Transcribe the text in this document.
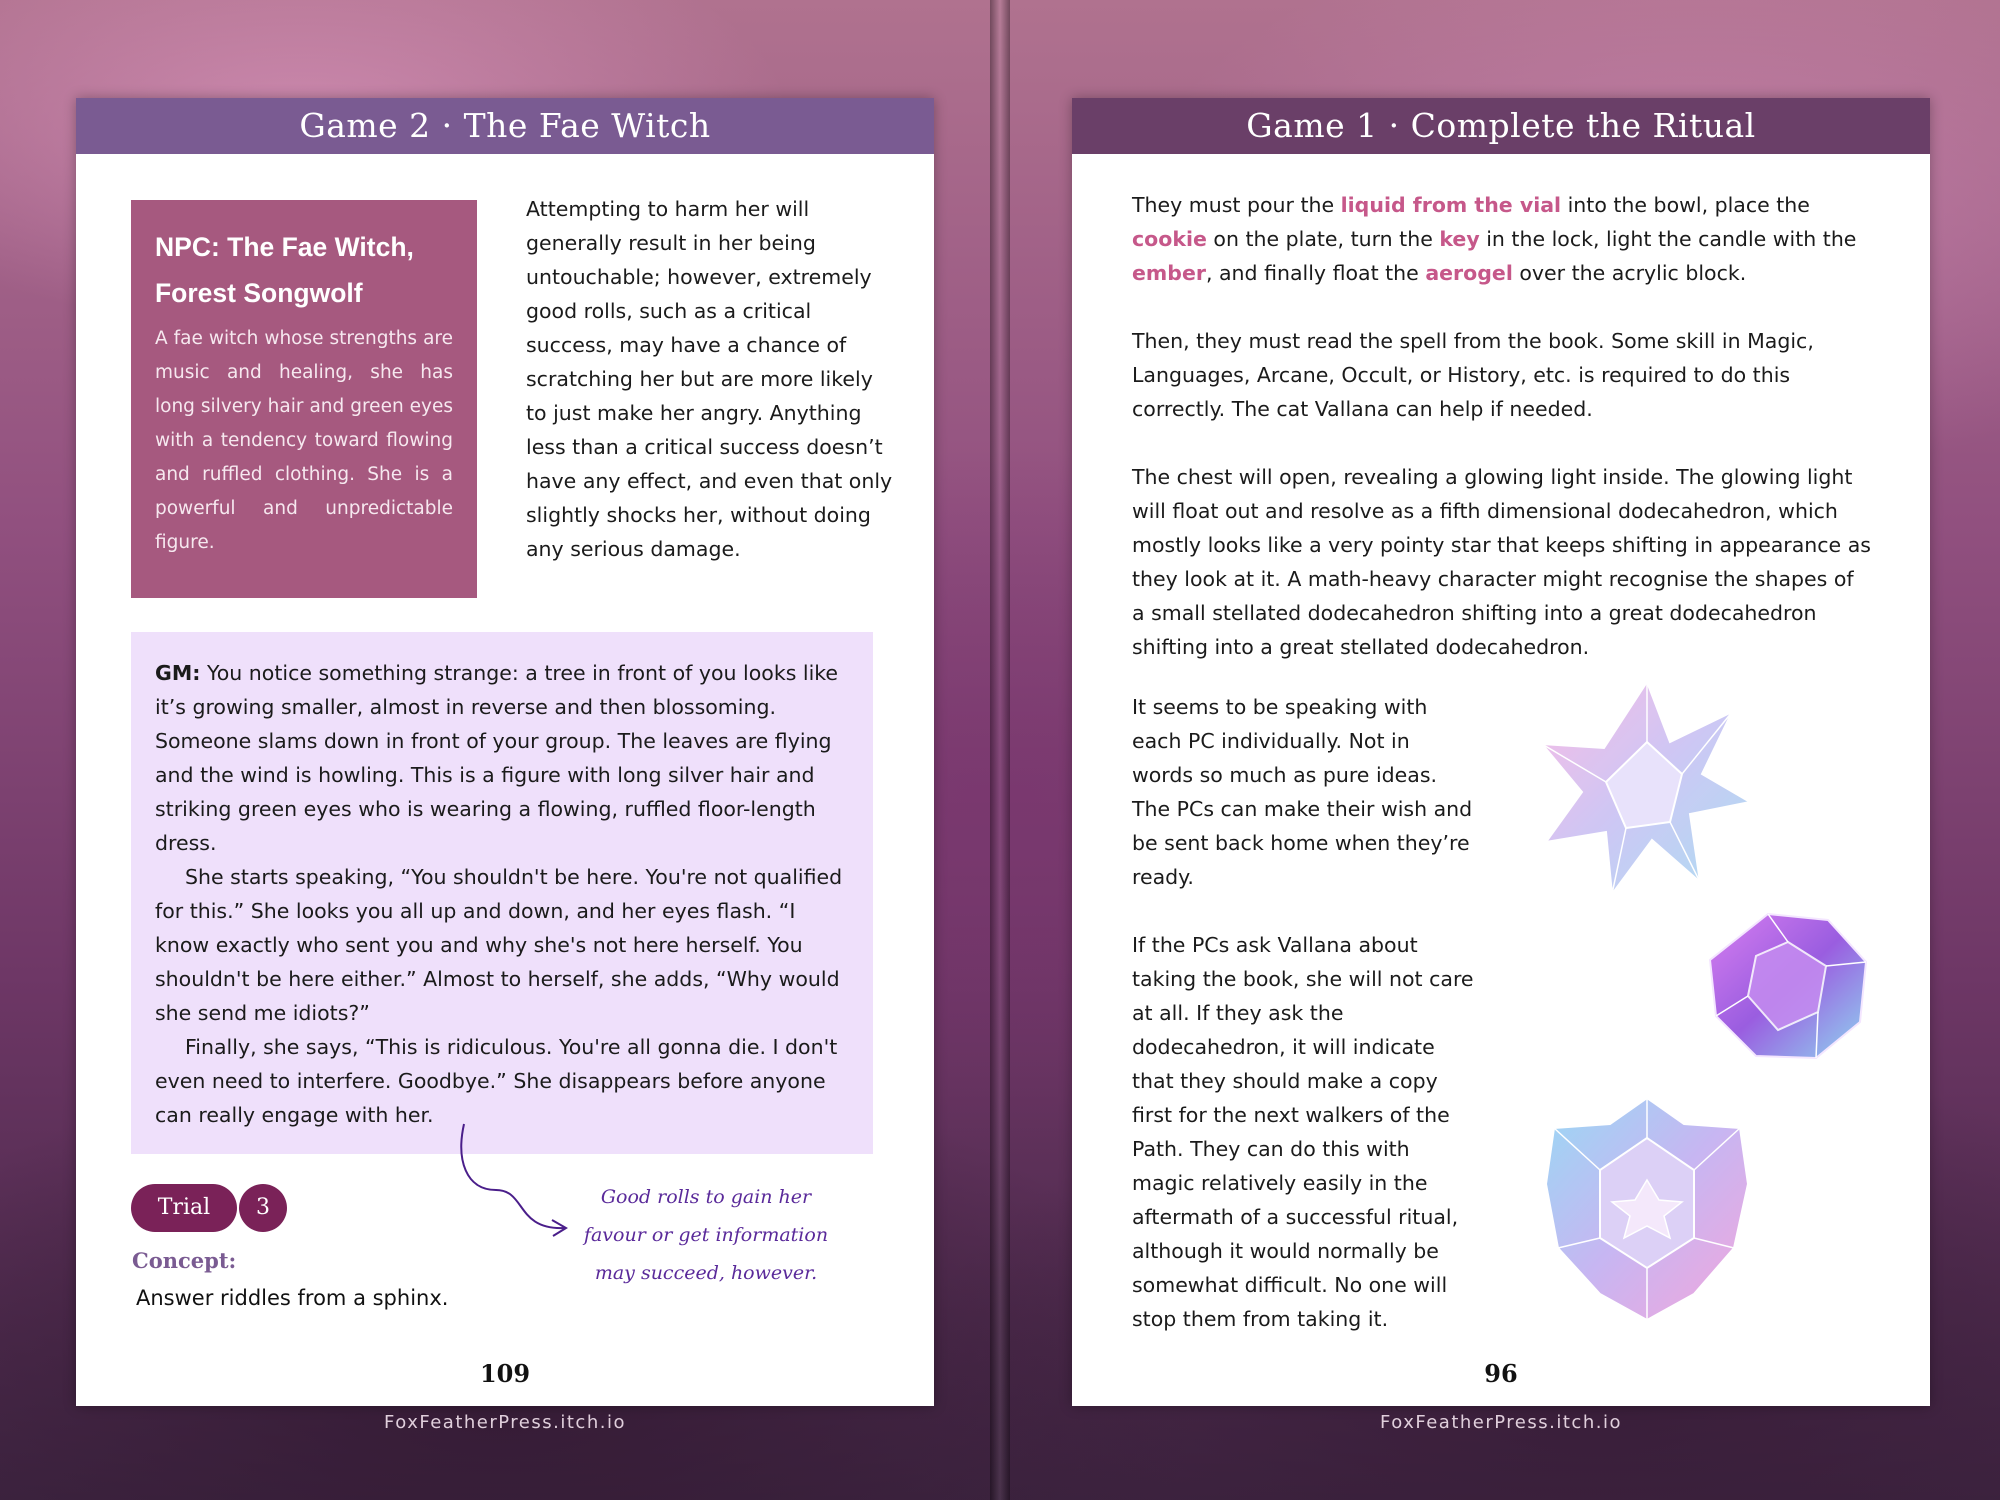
Game 2 · The Fae Witch
NPC: The Fae Witch,
Forest Songwolf
A fae witch whose strengths are music and healing, she has long silvery hair and green eyes with a tendency toward flowing and ruffled clothing. She is a powerful and unpredictable figure.
Attempting to harm her will generally result in her being untouchable; however, extremely good rolls, such as a critical success, may have a chance of scratching her but are more likely to just make her angry. Anything less than a critical success doesn’t have any effect, and even that only slightly shocks her, without doing any serious damage.

GM: You notice something strange: a tree in front of you looks like it’s growing smaller, almost in reverse and then blossoming. Someone slams down in front of your group. The leaves are flying and the wind is howling. This is a figure with long silver hair and striking green eyes who is wearing a flowing, ruffled floor-length dress.

She starts speaking, “You shouldn't be here. You're not qualified for this.” She looks you all up and down, and her eyes flash. “I know exactly who sent you and why she's not here herself. You shouldn't be here either.” Almost to herself, she adds, “Why would she send me idiots?”

Finally, she says, “This is ridiculous. You're all gonna die. I don't even need to interfere. Goodbye.” She disappears before anyone can really engage with her.

Trial	3
Concept:
Answer riddles from a sphinx.
Good rolls to gain her
favour or get information
may succeed, however.
109
FoxFeatherPress.itch.io
Game 1 · Complete the Ritual

They must pour the liquid from the vial into the bowl, place the cookie on the plate, turn the key in the lock, light the candle with the ember, and finally float the aerogel over the acrylic block.

Then, they must read the spell from the book. Some skill in Magic, Languages, Arcane, Occult, or History, etc. is required to do this correctly. The cat Vallana can help if needed.

The chest will open, revealing a glowing light inside. The glowing light will float out and resolve as a fifth dimensional dodecahedron, which mostly looks like a very pointy star that keeps shifting in appearance as they look at it. A math-heavy character might recognise the shapes of a small stellated dodecahedron shifting into a great dodecahedron shifting into a great stellated dodecahedron.

It seems to be speaking with each PC individually. Not in words so much as pure ideas. The PCs can make their wish and be sent back home when they’re ready.

If the PCs ask Vallana about taking the book, she will not care at all. If they ask the dodecahedron, it will indicate that they should make a copy first for the next walkers of the Path. They can do this with magic relatively easily in the aftermath of a successful ritual, although it would normally be somewhat difficult. No one will stop them from taking it.

96
FoxFeatherPress.itch.io
